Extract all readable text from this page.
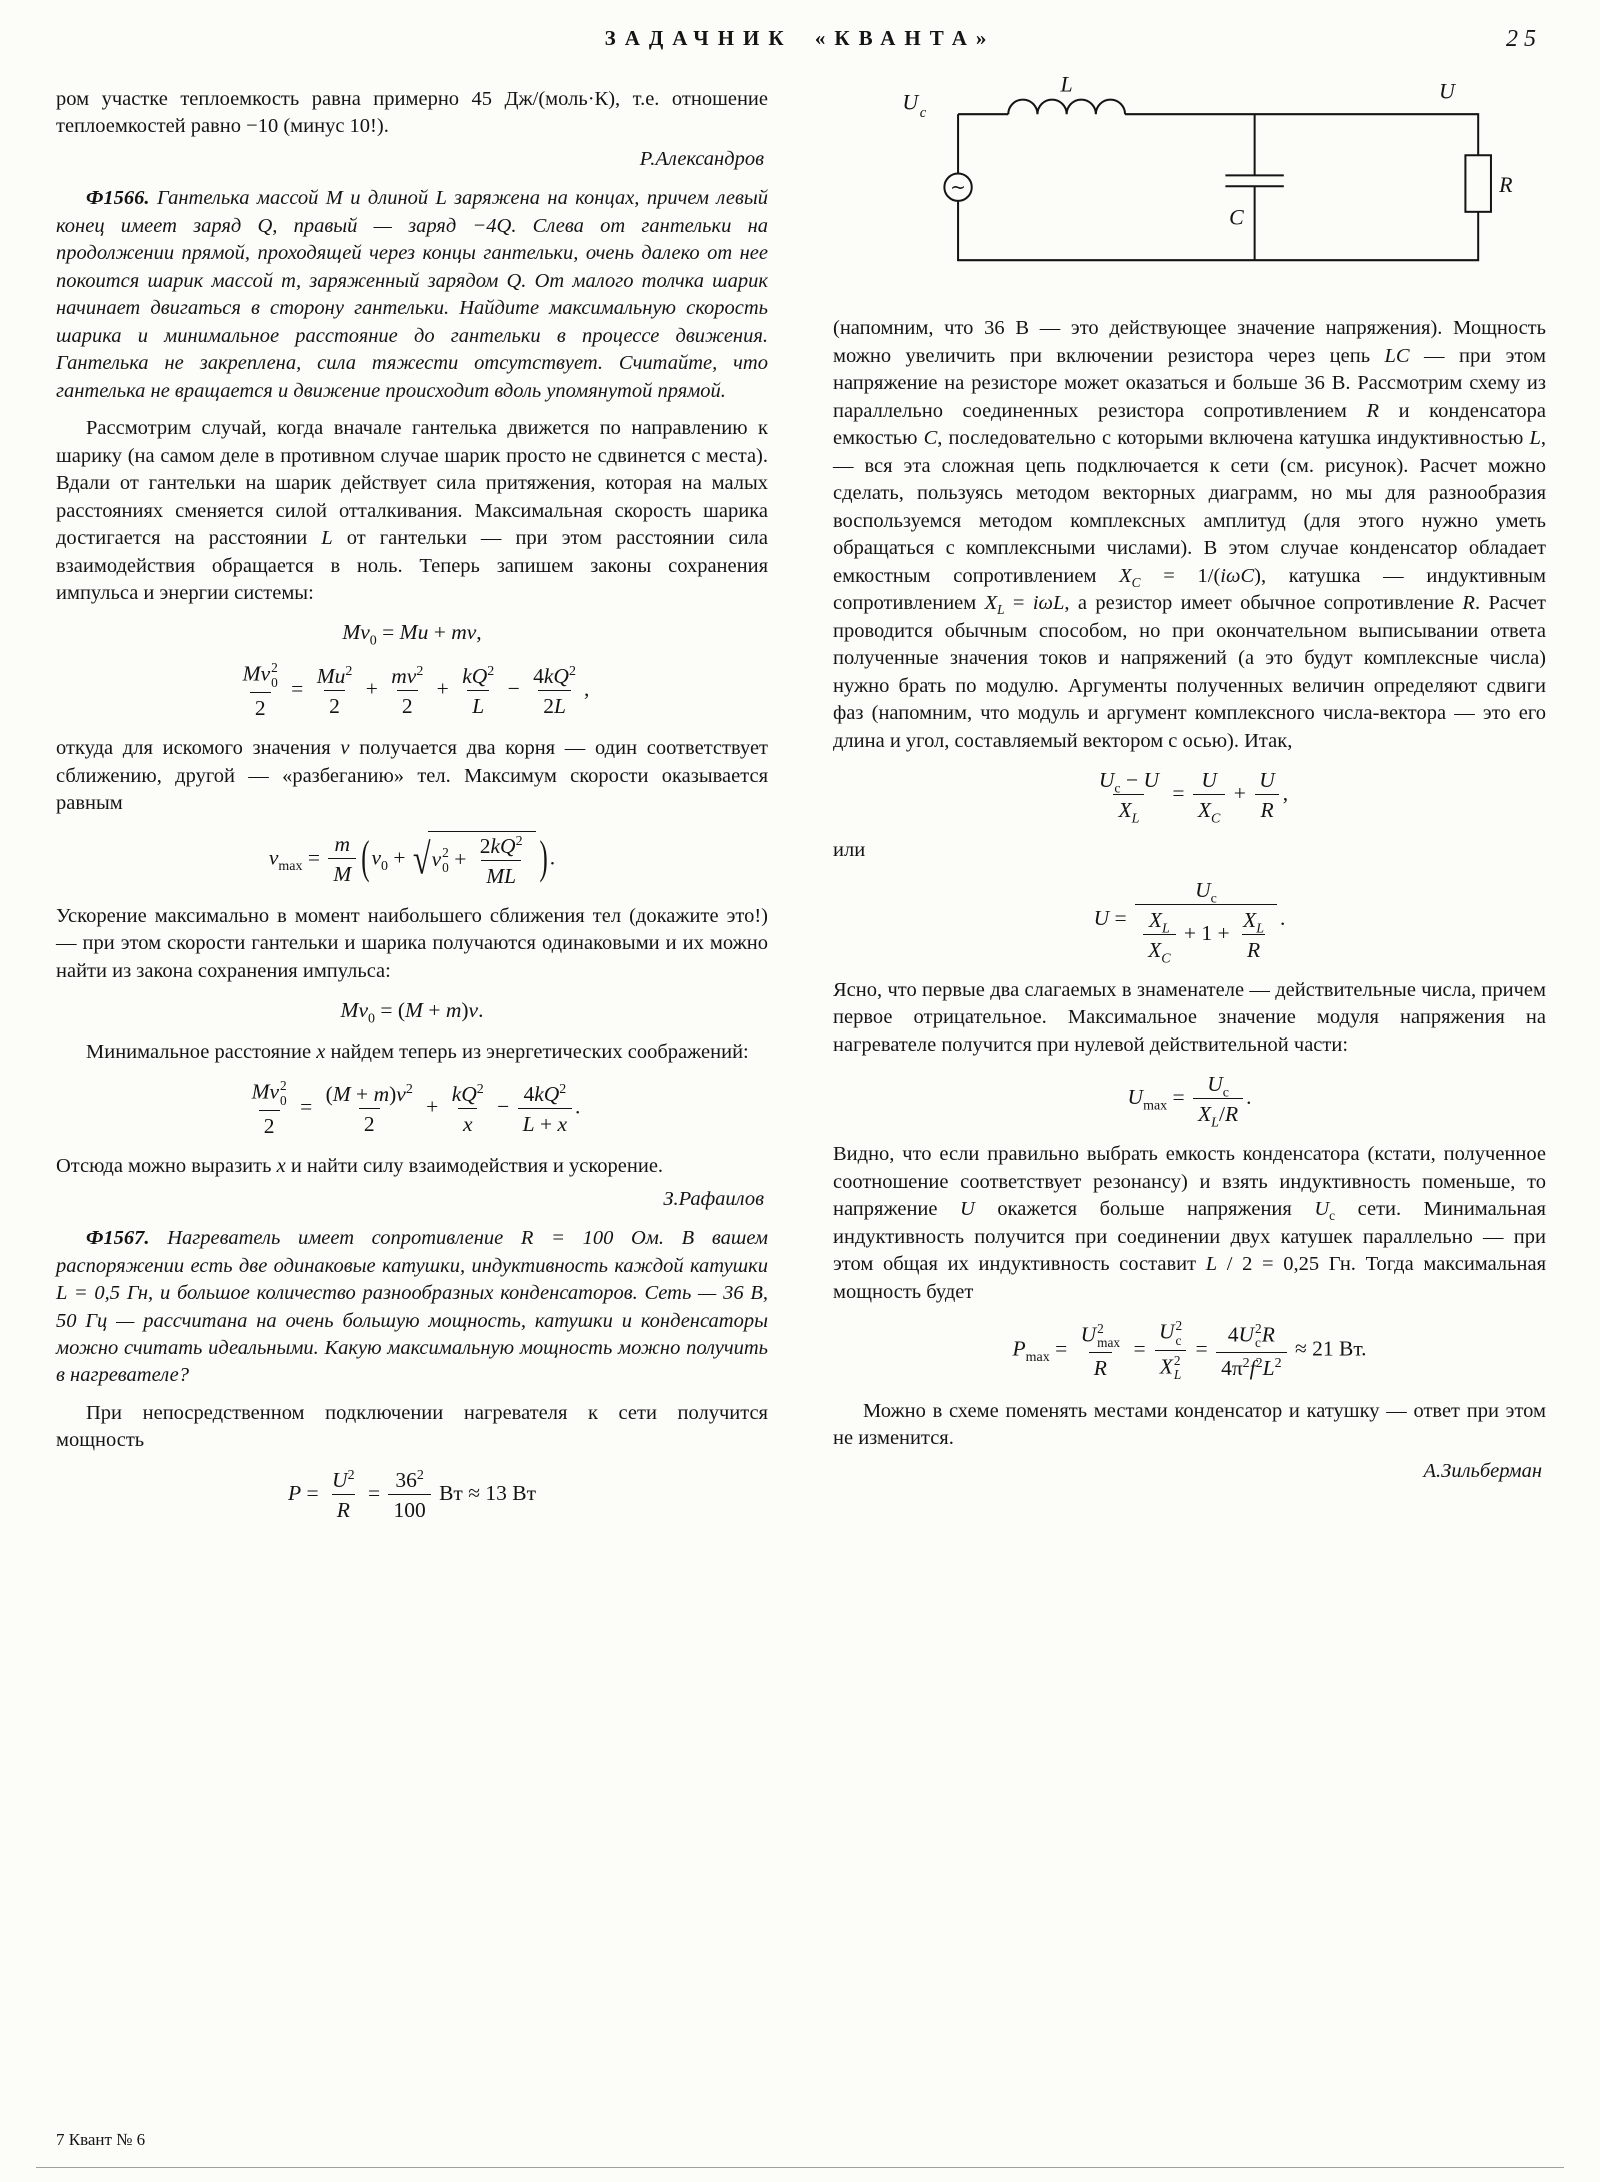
ЗАДАЧНИК «КВАНТА»	25

ром участке теплоемкость равна примерно 45 Дж/(моль·К), т.е. отношение теплоемкостей равно −10 (минус 10!).

Р.Александров

Ф1566. Гантелька массой M и длиной L заряжена на концах, причем левый конец имеет заряд Q, правый — заряд −4Q. Слева от гантельки на продолжении прямой, проходящей через концы гантельки, очень далеко от нее покоится шарик массой m, заряженный зарядом Q. От малого толчка шарик начинает двигаться в сторону гантельки. Найдите максимальную скорость шарика и минимальное расстояние до гантельки в процессе движения. Гантелька не закреплена, сила тяжести отсутствует. Считайте, что гантелька не вращается и движение происходит вдоль упомянутой прямой.

Рассмотрим случай, когда вначале гантелька движется по направлению к шарику (на самом деле в противном случае шарик просто не сдвинется с места). Вдали от гантельки на шарик действует сила притяжения, которая на малых расстояниях сменяется силой отталкивания. Максимальная скорость шарика достигается на расстоянии L от гантельки — при этом расстоянии сила взаимодействия обращается в ноль. Теперь запишем законы сохранения импульса и энергии системы:

$Mv_0 = Mu$ + mv,
Mv 2
0
$2 = \frac{Mu^2}{2} + \frac{mv^2}{2} + \frac{kQ^2}{L} - \frac{4kQ^2}{2L}$ ,

откуда для искомого значения v получается два корня — один соответствует сближению, другой — «разбеганию» тел. Максимум скорости оказывается равным

$v_{max} = \frac{m}{M} (v_0$ + √ v 2
$0 + \frac{2kQ^2}{ML}$ ).

Ускорение максимально в момент наибольшего сближения тел (докажите это!) — при этом скорости гантельки и шарика получаются одинаковыми и их можно найти из закона сохранения импульса:

$Mv_0 = (M + m)v$.

Минимальное расстояние x найдем теперь из энергетических соображений:

Mv 2
0
$2 = \frac{(M + m)v^2}{2} + \frac{kQ^2}{x} - \frac{4kQ^2}{L + x}$ .

Отсюда можно выразить x и найти силу взаимодействия и ускорение.

З.Рафаилов

Ф1567. Нагреватель имеет сопротивление R = 100 Ом. В вашем распоряжении есть две одинаковые катушки, индуктивность каждой катушки L = 0,5 Гн, и большое количество разнообразных конденсаторов. Сеть — 36 В, 50 Гц — рассчитана на очень большую мощность, катушки и конденсаторы можно считать идеальными. Какую максимальную мощность можно получить в нагревателе?

При непосредственном подключении нагревателя к сети получится мощность

$P = \frac{U^2}{R} = \frac{36^2}{100}$ Вт ≈ 13 Вт
∼
L
C
R
U c
U

(напомним, что 36 В — это действующее значение напряжения). Мощность можно увеличить при включении резистора через цепь LC — при этом напряжение на резисторе может оказаться и больше 36 В. Рассмотрим схему из параллельно соединенных резистора сопротивлением R и конденсатора емкостью C, последовательно с которыми включена катушка индуктивностью L, — вся эта сложная цепь подключается к сети (см. рисунок). Расчет можно сделать, пользуясь методом векторных диаграмм, но мы для разнообразия воспользуемся методом комплексных амплитуд (для этого нужно уметь обращаться с комплексными числами). В этом случае конденсатор обладает емкостным сопротивлением $X_C = 1/(i\omega C)$, катушка — индуктивным сопротивлением $X_L = i\omega L$, а резистор имеет обычное сопротивление R. Расчет проводится обычным способом, но при окончательном выписывании ответа полученные значения токов и напряжений (а это будут комплексные числа) нужно брать по модулю. Аргументы полученных величин определяют сдвиги фаз (напомним, что модуль и аргумент комплексного числа-вектора — это его длина и угол, составляемый вектором с осью). Итак,

$\frac{U_c - U}{X_L} = \frac{U}{X_C} + \frac{U}{R}$ ,

или

$U = \frac{U_c}{\frac{X_L}{X_C} + 1 + \frac{X_L}{R}}$ .

Ясно, что первые два слагаемых в знаменателе — действительные числа, причем первое отрицательное. Максимальное значение модуля напряжения на нагревателе получится при нулевой действительной части:

$U_{max} = \frac{U_c}{X_L/R}$ .

Видно, что если правильно выбрать емкость конденсатора (кстати, полученное соотношение соответствует резонансу) и взять индуктивность поменьше, то напряжение U окажется больше напряжения $U_c$ сети. Минимальная индуктивность получится при соединении двух катушек параллельно — при этом общая их индуктивность составит L / 2 = 0,25 Гн. Тогда максимальная мощность будет

$P_{max} = U$ 2
max
R = U 2
c
X 2
L = 4U 2
c R
$4\pi^2f^2L^2 \approx 21$ Вт.

Можно в схеме поменять местами конденсатор и катушку — ответ при этом не изменится.

А.Зильберман

7 Квант № 6
